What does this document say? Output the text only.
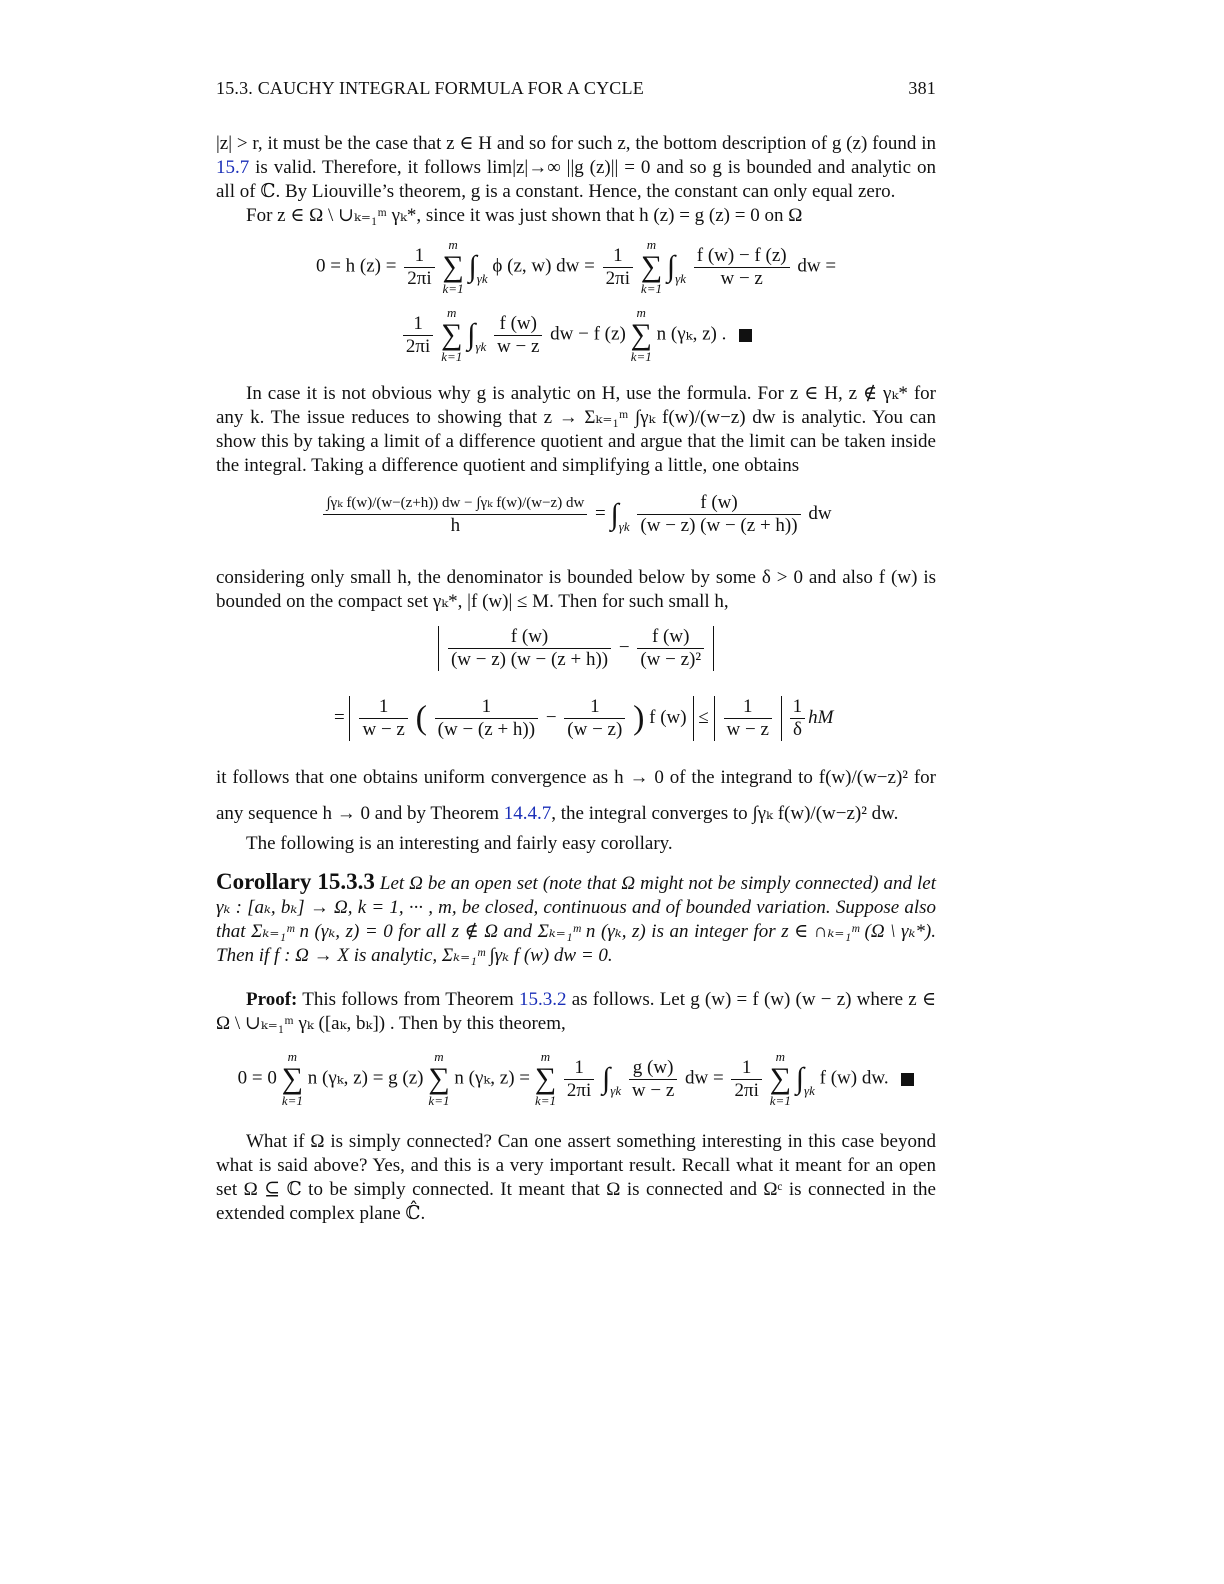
15.3. CAUCHY INTEGRAL FORMULA FOR A CYCLE	381

|z| > r, it must be the case that z ∈ H and so for such z, the bottom description of g (z) found in 15.7 is valid. Therefore, it follows lim|z|→∞ ||g (z)|| = 0 and so g is bounded and analytic on all of ℂ. By Liouville’s theorem, g is a constant. Hence, the constant can only equal zero.

For z ∈ Ω \ ∪ₖ₌₁ᵐ γₖ*, since it was just shown that h (z) = g (z) = 0 on Ω

0 = h $(z) = \frac{1}{2\pi i}$
	m
∑
k=1
$\int_{\gamma k}$ ϕ (z, w) dw = $\frac{1}{2\pi i}$
	m
∑
k=1
$\int_{\gamma k} \frac{f (w) - f (z)}{w - z}$ dw =
$\frac{1}{2\pi i}$
	m
∑
k=1
$\int_{\gamma k} \frac{f (w)}{w - z}$ dw − f (z)
m
∑
k=1
n (γₖ, z) .

In case it is not obvious why g is analytic on H, use the formula. For z ∈ H, z ∉ γₖ* for any k. The issue reduces to showing that z → Σₖ₌₁ᵐ ∫γₖ f(w)/(w−z) dw is analytic. You can show this by taking a limit of a difference quotient and argue that the limit can be taken inside the integral. Taking a difference quotient and simplifying a little, one obtains

$\frac{\text{∫γₖ f(w)/(w−(z+h)) dw − ∫γₖ f(w)/(w−z) dw}}{h} = \int_{\gamma k} \frac{f (w)}{(w - z) (w - (z + h))}$ dw

considering only small h, the denominator is bounded below by some δ > 0 and also f (w) is bounded on the compact set γₖ*, |f (w)| ≤ M. Then for such small h,

$\frac{f (w)}{(w - z) (w - (z + h))} - \frac{f (w)}{\text{(w − z)²}}$
= $\frac{1}{w - z}$ ( $\frac{1}{(w - (z + h))} - \frac{1}{(w - z)}$ ) f $(w) \le \frac{1}{w - z}$
$\frac{1}{\delta}$ hM

it follows that one obtains uniform convergence as h → 0 of the integrand to f(w)/(w−z)² for any sequence h → 0 and by Theorem 14.4.7, the integral converges to ∫γₖ f(w)/(w−z)² dw.

The following is an interesting and fairly easy corollary.

Corollary 15.3.3 Let Ω be an open set (note that Ω might not be simply connected) and let γₖ : [aₖ, bₖ] → Ω, k = 1, ··· , m, be closed, continuous and of bounded variation. Suppose also that Σₖ₌₁ᵐ n (γₖ, z) = 0 for all z ∉ Ω and Σₖ₌₁ᵐ n (γₖ, z) is an integer for z ∈ ∩ₖ₌₁ᵐ (Ω \ γₖ*). Then if f : Ω → X is analytic, Σₖ₌₁ᵐ ∫γₖ f (w) dw = 0.

Proof: This follows from Theorem 15.3.2 as follows. Let g (w) = f (w) (w − z) where z ∈ Ω \ ∪ₖ₌₁ᵐ γₖ ([aₖ, bₖ]) . Then by this theorem,

0 = 0
m
∑
k=1
n (γₖ, z) = g (z)
m
∑
k=1
n (γₖ, z) =
m
∑
k=1
$\frac{1}{2\pi i} \int_{\gamma k} \frac{g (w)}{w - z}$ dw = $\frac{1}{2\pi i}$
	m
∑
k=1
$\int_{\gamma k}$ f (w) dw.

What if Ω is simply connected? Can one assert something interesting in this case beyond what is said above? Yes, and this is a very important result. Recall what it meant for an open set Ω ⊆ ℂ to be simply connected. It meant that Ω is connected and Ωᶜ is connected in the extended complex plane ℂ̂.
